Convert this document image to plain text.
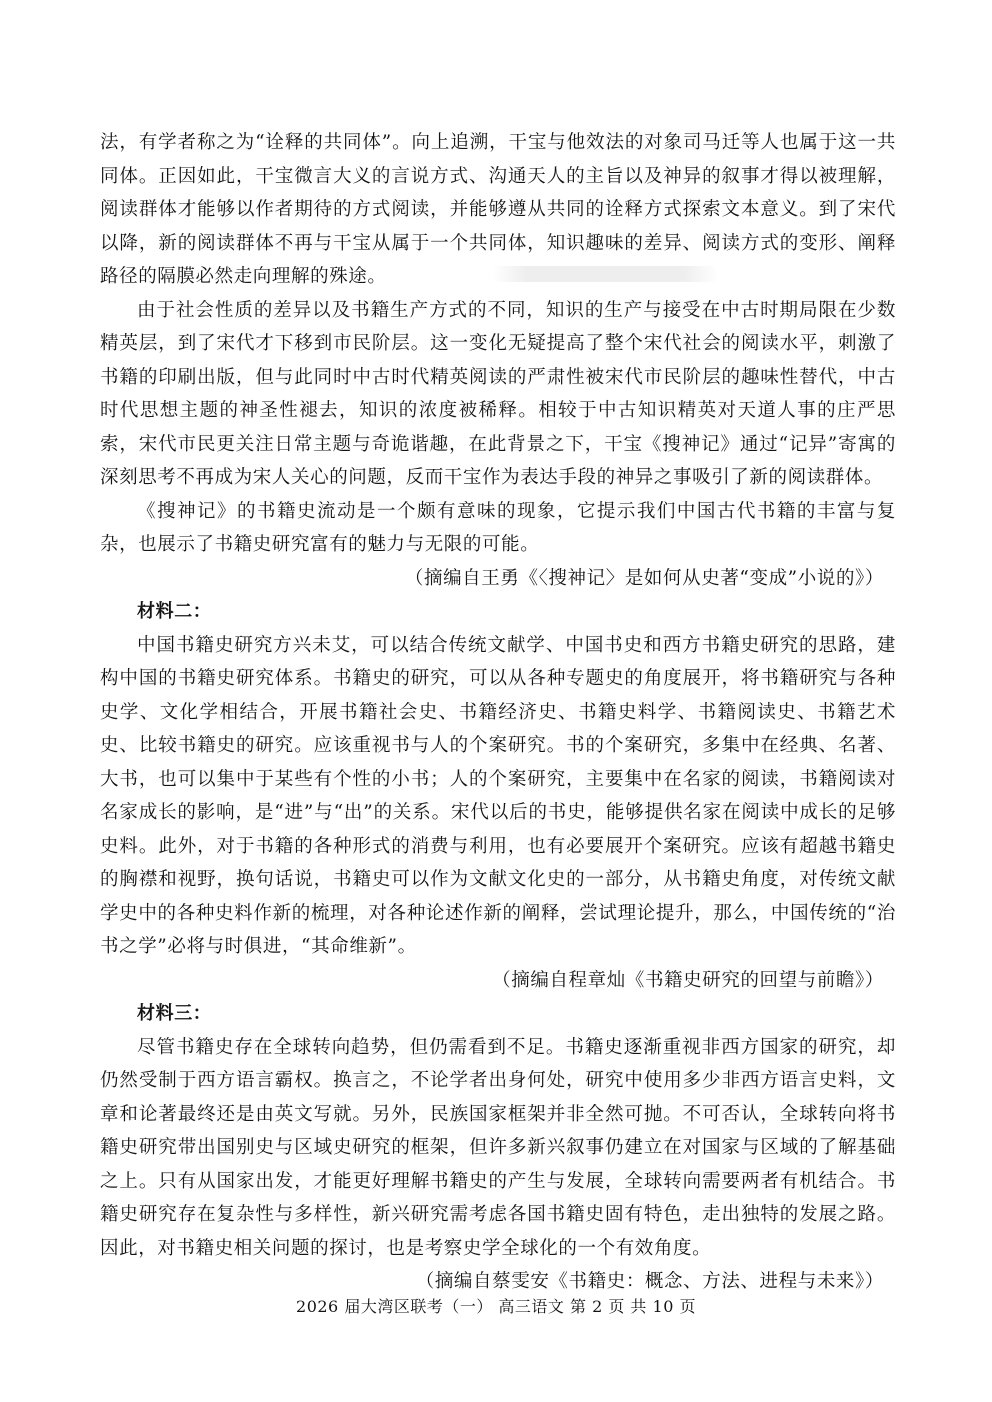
法，有学者称之为“诠释的共同体”。向上追溯，干宝与他效法的对象司马迁等人也属于这一共同体。正因如此，干宝微言大义的言说方式、沟通天人的主旨以及神异的叙事才得以被理解，阅读群体才能够以作者期待的方式阅读，并能够遵从共同的诠释方式探索文本意义。到了宋代以降，新的阅读群体不再与干宝从属于一个共同体，知识趣味的差异、阅读方式的变形、阐释路径的隔膜必然走向理解的殊途。

由于社会性质的差异以及书籍生产方式的不同，知识的生产与接受在中古时期局限在少数精英层，到了宋代才下移到市民阶层。这一变化无疑提高了整个宋代社会的阅读水平，刺激了书籍的印刷出版，但与此同时中古时代精英阅读的严肃性被宋代市民阶层的趣味性替代，中古时代思想主题的神圣性褪去，知识的浓度被稀释。相较于中古知识精英对天道人事的庄严思索，宋代市民更关注日常主题与奇诡谐趣，在此背景之下，干宝《搜神记》通过“记异”寄寓的深刻思考不再成为宋人关心的问题，反而干宝作为表达手段的神异之事吸引了新的阅读群体。

《搜神记》的书籍史流动是一个颇有意味的现象，它提示我们中国古代书籍的丰富与复杂，也展示了书籍史研究富有的魅力与无限的可能。

（摘编自王勇《〈搜神记〉是如何从史著“变成”小说的》）

材料二：

中国书籍史研究方兴未艾，可以结合传统文献学、中国书史和西方书籍史研究的思路，建构中国的书籍史研究体系。书籍史的研究，可以从各种专题史的角度展开，将书籍研究与各种史学、文化学相结合，开展书籍社会史、书籍经济史、书籍史料学、书籍阅读史、书籍艺术史、比较书籍史的研究。应该重视书与人的个案研究。书的个案研究，多集中在经典、名著、大书，也可以集中于某些有个性的小书；人的个案研究，主要集中在名家的阅读，书籍阅读对名家成长的影响，是“进”与“出”的关系。宋代以后的书史，能够提供名家在阅读中成长的足够史料。此外，对于书籍的各种形式的消费与利用，也有必要展开个案研究。应该有超越书籍史的胸襟和视野，换句话说，书籍史可以作为文献文化史的一部分，从书籍史角度，对传统文献学史中的各种史料作新的梳理，对各种论述作新的阐释，尝试理论提升，那么，中国传统的“治书之学”必将与时俱进，“其命维新”。

（摘编自程章灿《书籍史研究的回望与前瞻》）

材料三：

尽管书籍史存在全球转向趋势，但仍需看到不足。书籍史逐渐重视非西方国家的研究，却仍然受制于西方语言霸权。换言之，不论学者出身何处，研究中使用多少非西方语言史料，文章和论著最终还是由英文写就。另外，民族国家框架并非全然可抛。不可否认，全球转向将书籍史研究带出国别史与区域史研究的框架，但许多新兴叙事仍建立在对国家与区域的了解基础之上。只有从国家出发，才能更好理解书籍史的产生与发展，全球转向需要两者有机结合。书籍史研究存在复杂性与多样性，新兴研究需考虑各国书籍史固有特色，走出独特的发展之路。因此，对书籍史相关问题的探讨，也是考察史学全球化的一个有效角度。

（摘编自蔡雯安《书籍史：概念、方法、进程与未来》）

2026 届大湾区联考（一） 高三语文 第 2 页 共 10 页
